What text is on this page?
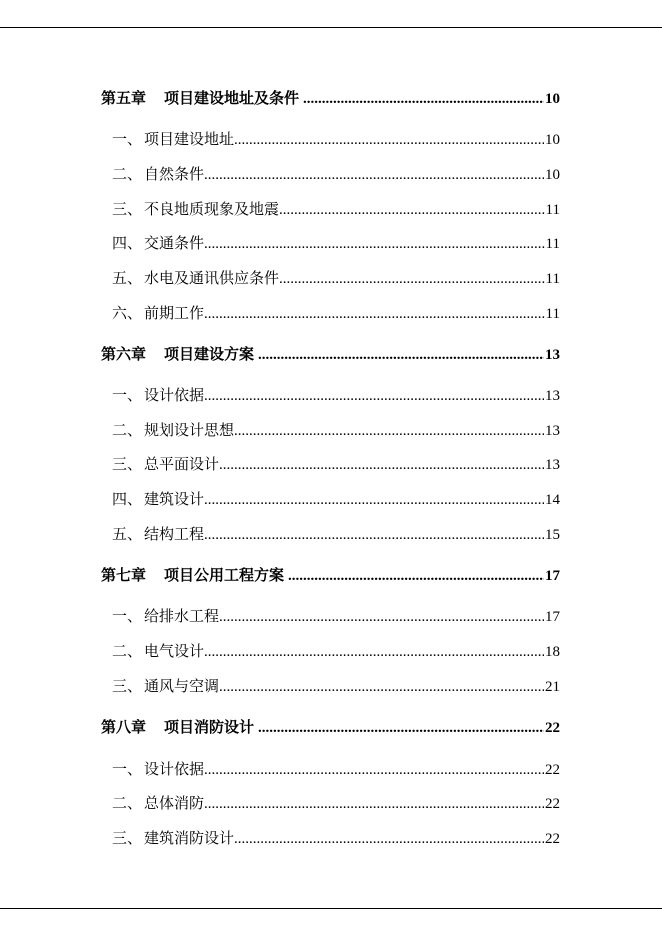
第五章 项目建设地址及条件 .....	10
一、 项目建设地址 .....	10
二、 自然条件 .....	10
三、 不良地质现象及地震 .....	11
四、 交通条件 .....	11
五、 水电及通讯供应条件 .....	11
六、 前期工作 .....	11
第六章 项目建设方案 .....	13
一、 设计依据 .....	13
二、 规划设计思想 .....	13
三、 总平面设计 .....	13
四、 建筑设计 .....	14
五、 结构工程 .....	15
第七章 项目公用工程方案 .....	17
一、 给排水工程 .....	17
二、 电气设计 .....	18
三、 通风与空调 .....	21
第八章 项目消防设计 .....	22
一、 设计依据 .....	22
二、 总体消防 .....	22
三、 建筑消防设计 .....	22
